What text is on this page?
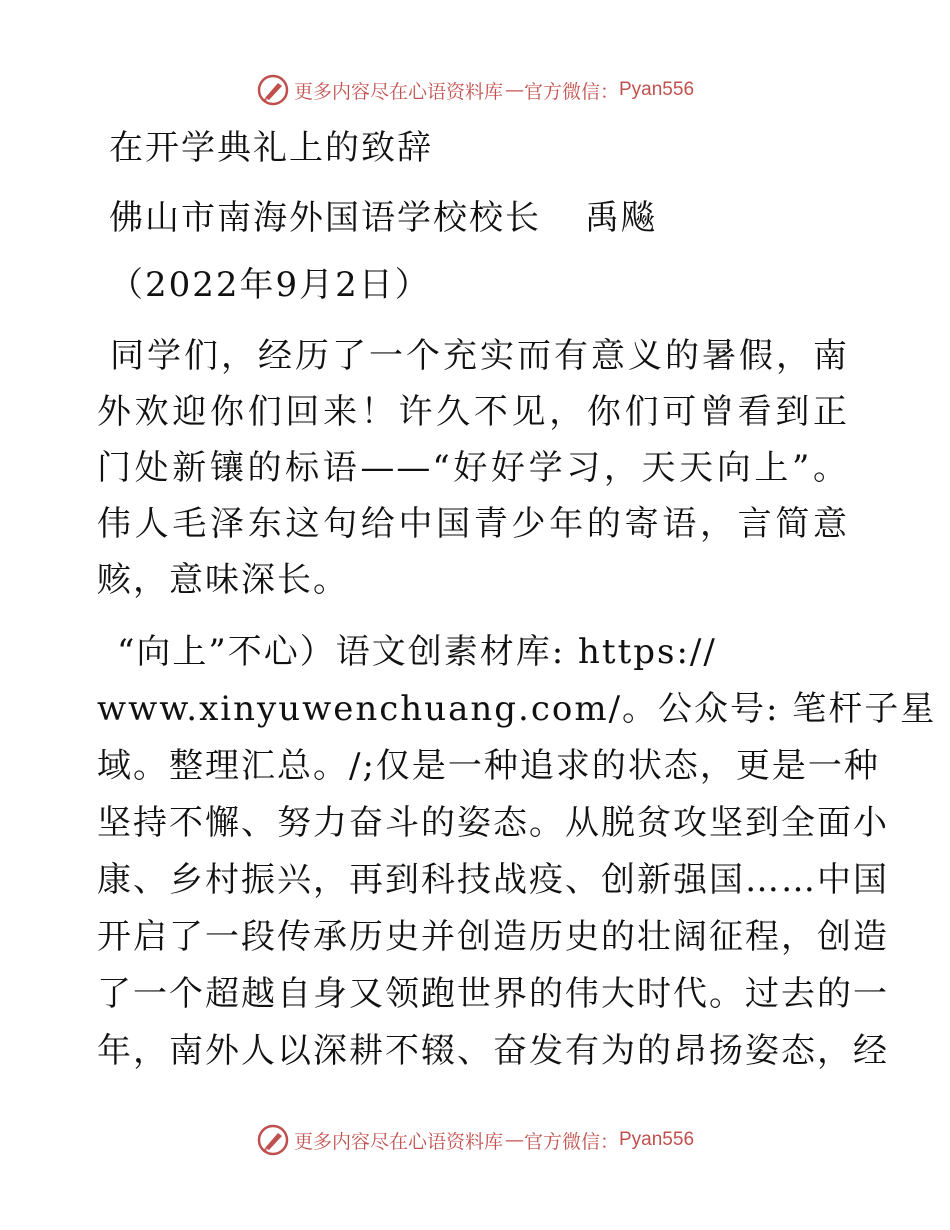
更多内容尽在心语资料库 — 官方微信： Pyan556
在开学典礼上的致辞
佛山市南海外国语学校校长 禹飚
（2022年9月2日）
同学们，经历了一个充实而有意义的暑假，南外欢迎你们回来！许久不见，你们可曾看到正门处新镶的标语——“好好学习，天天向上”。伟人毛泽东这句给中国青少年的寄语，言简意赅，意味深长。
“向上”不心）语文创素材库: https://
www.xinyuwenchuang.com/。公众号: 笔杆子星
域。整理汇总。/;仅是一种追求的状态，更是一种
坚持不懈、努力奋斗的姿态。从脱贫攻坚到全面小
康、乡村振兴，再到科技战疫、创新强国……中国
开启了一段传承历史并创造历史的壮阔征程，创造
了一个超越自身又领跑世界的伟大时代。过去的一
年，南外人以深耕不辍、奋发有为的昂扬姿态，经
更多内容尽在心语资料库 — 官方微信： Pyan556
